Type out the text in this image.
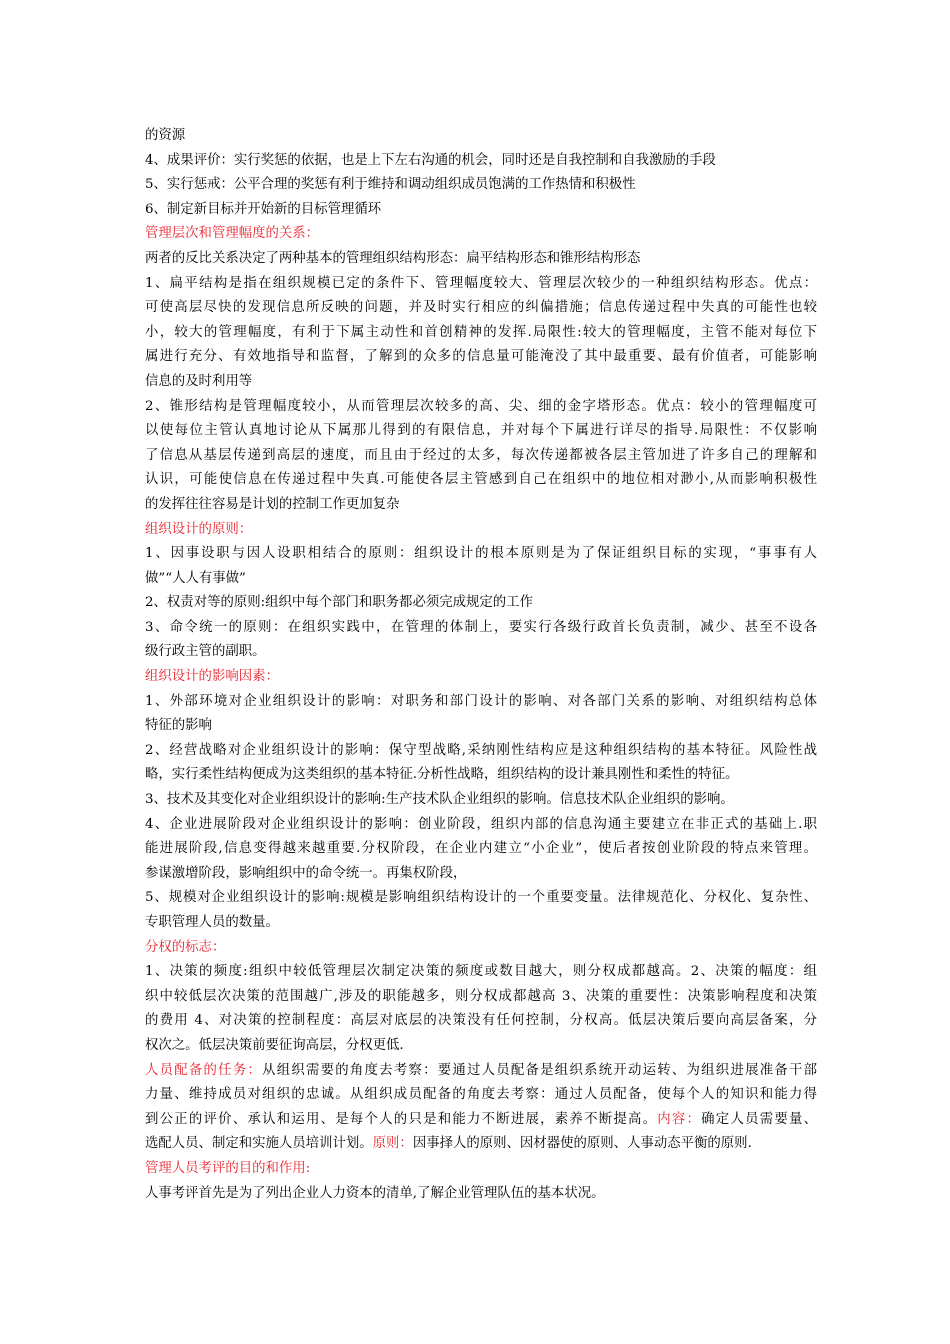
的资源
4、成果评价：实行奖惩的依据，也是上下左右沟通的机会，同时还是自我控制和自我激励的手段
5、实行惩戒：公平合理的奖惩有利于维持和调动组织成员饱满的工作热情和积极性
6、制定新目标并开始新的目标管理循环
管理层次和管理幅度的关系：
两者的反比关系决定了两种基本的管理组织结构形态：扁平结构形态和锥形结构形态
1、扁平结构是指在组织规模已定的条件下、管理幅度较大、管理层次较少的一种组织结构形态。优点：
可使高层尽快的发现信息所反映的问题，并及时实行相应的纠偏措施；信息传递过程中失真的可能性也较
小，较大的管理幅度，有利于下属主动性和首创精神的发挥.局限性:较大的管理幅度，主管不能对每位下
属进行充分、有效地指导和监督，了解到的众多的信息量可能淹没了其中最重要、最有价值者，可能影响
信息的及时利用等
2、锥形结构是管理幅度较小，从而管理层次较多的高、尖、细的金字塔形态。优点：较小的管理幅度可
以使每位主管认真地讨论从下属那儿得到的有限信息，并对每个下属进行详尽的指导.局限性：不仅影响
了信息从基层传递到高层的速度，而且由于经过的太多，每次传递都被各层主管加进了许多自己的理解和
认识，可能使信息在传递过程中失真.可能使各层主管感到自己在组织中的地位相对渺小,从而影响积极性
的发挥往往容易是计划的控制工作更加复杂
组织设计的原则：
1、因事设职与因人设职相结合的原则：组织设计的根本原则是为了保证组织目标的实现，“事事有人
做”“人人有事做”
2、权责对等的原则:组织中每个部门和职务都必须完成规定的工作
3、命令统一的原则：在组织实践中，在管理的体制上，要实行各级行政首长负责制，减少、甚至不设各
级行政主管的副职。
组织设计的影响因素：
1、外部环境对企业组织设计的影响：对职务和部门设计的影响、对各部门关系的影响、对组织结构总体
特征的影响
2、经营战略对企业组织设计的影响：保守型战略,采纳刚性结构应是这种组织结构的基本特征。风险性战
略，实行柔性结构便成为这类组织的基本特征.分析性战略，组织结构的设计兼具刚性和柔性的特征。
3、技术及其变化对企业组织设计的影响:生产技术队企业组织的影响。信息技术队企业组织的影响。
4、企业进展阶段对企业组织设计的影响：创业阶段，组织内部的信息沟通主要建立在非正式的基础上.职
能进展阶段,信息变得越来越重要.分权阶段，在企业内建立“小企业”，使后者按创业阶段的特点来管理。
参谋激增阶段，影响组织中的命令统一。再集权阶段，
5、规模对企业组织设计的影响:规模是影响组织结构设计的一个重要变量。法律规范化、分权化、复杂性、
专职管理人员的数量。
分权的标志：
1、决策的频度:组织中较低管理层次制定决策的频度或数目越大，则分权成都越高。2、决策的幅度：组
织中较低层次决策的范围越广,涉及的职能越多，则分权成都越高 3、决策的重要性：决策影响程度和决策
的费用 4、对决策的控制程度：高层对底层的决策没有任何控制，分权高。低层决策后要向高层备案，分
权次之。低层决策前要征询高层，分权更低.
人员配备的任务：从组织需要的角度去考察：要通过人员配备是组织系统开动运转、为组织进展准备干部
力量、维持成员对组织的忠诚。从组织成员配备的角度去考察：通过人员配备，使每个人的知识和能力得
到公正的评价、承认和运用、是每个人的只是和能力不断进展，素养不断提高。内容：确定人员需要量、
选配人员、制定和实施人员培训计划。原则：因事择人的原则、因材器使的原则、人事动态平衡的原则.
管理人员考评的目的和作用:
人事考评首先是为了列出企业人力资本的清单,了解企业管理队伍的基本状况。
